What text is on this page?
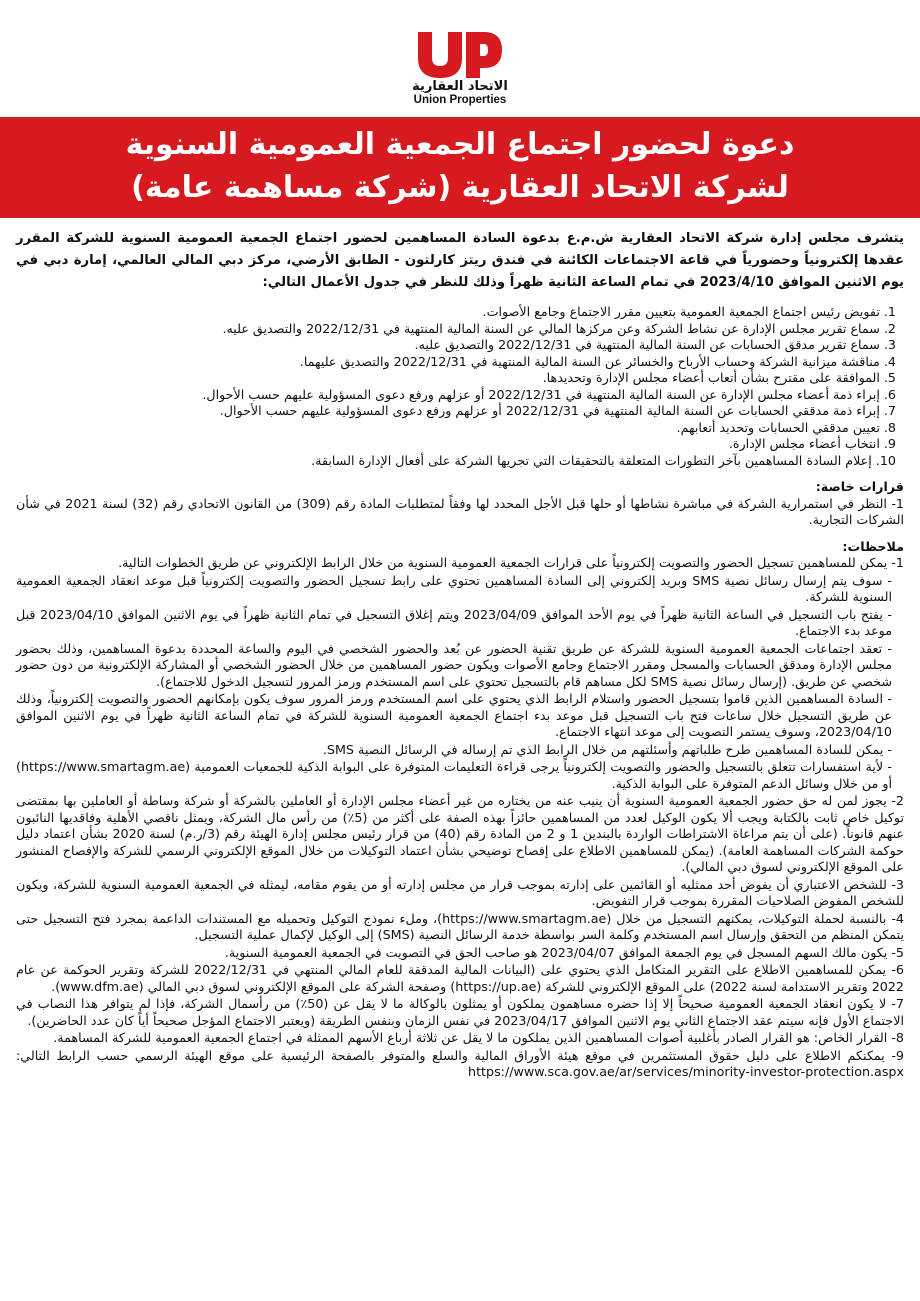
الاتحاد العقارية
Union Properties
دعوة لحضور اجتماع الجمعية العمومية السنوية
لشركة الاتحاد العقارية (شركة مساهمة عامة)

يتشرف مجلس إدارة شركة الاتحاد العقارية ش.م.ع بدعوة السادة المساهمين لحضور اجتماع الجمعية العمومية السنوية للشركة المقرر عقدها إلكترونياً وحضورياً في قاعة الاجتماعات الكائنة في فندق ريتز كارلتون - الطابق الأرضي، مركز دبي المالي العالمي، إمارة دبي في يوم الاثنين الموافق 2023/4/10 في تمام الساعة الثانية ظهراً وذلك للنظر في جدول الأعمال التالي:

1. تفويض رئيس اجتماع الجمعية العمومية بتعيين مقرر الاجتماع وجامع الأصوات.
2. سماع تقرير مجلس الإدارة عن نشاط الشركة وعن مركزها المالي عن السنة المالية المنتهية في 2022/12/31 والتصديق عليه.
3. سماع تقرير مدقق الحسابات عن السنة المالية المنتهية في 2022/12/31 والتصديق عليه.
4. مناقشة ميزانية الشركة وحساب الأرباح والخسائر عن السنة المالية المنتهية في 2022/12/31 والتصديق عليهما.
5. الموافقة على مقترح بشأن أتعاب أعضاء مجلس الإدارة وتحديدها.
6. إبراء ذمة أعضاء مجلس الإدارة عن السنة المالية المنتهية في 2022/12/31 أو عزلهم ورفع دعوى المسؤولية عليهم حسب الأحوال.
7. إبراء ذمة مدققي الحسابات عن السنة المالية المنتهية في 2022/12/31 أو عزلهم ورفع دعوى المسؤولية عليهم حسب الأحوال.
8. تعيين مدققي الحسابات وتحديد أتعابهم.
9. انتخاب أعضاء مجلس الإدارة.
10. إعلام السادة المساهمين بآخر التطورات المتعلقة بالتحقيقات التي تجريها الشركة على أفعال الإدارة السابقة.
قرارات خاصة:

1- النظر في استمرارية الشركة في مباشرة نشاطها أو حلها قبل الأجل المحدد لها وفقاً لمتطلبات المادة رقم (309) من القانون الاتحادي رقم (32) لسنة 2021 في شأن الشركات التجارية.

ملاحظات:

1- يمكن للمساهمين تسجيل الحضور والتصويت إلكترونياً على قرارات الجمعية العمومية السنوية من خلال الرابط الإلكتروني عن طريق الخطوات التالية.

- سوف يتم إرسال رسائل نصية SMS وبريد إلكتروني إلى السادة المساهمين تحتوي على رابط تسجيل الحضور والتصويت إلكترونياً قبل موعد انعقاد الجمعية العمومية السنوية للشركة.

- يفتح باب التسجيل في الساعة الثانية ظهراً في يوم الأحد الموافق 2023/04/09 ويتم إغلاق التسجيل في تمام الثانية ظهراً في يوم الاثنين الموافق 2023/04/10 قبل موعد بدء الاجتماع.

- تعقد اجتماعات الجمعية العمومية السنوية للشركة عن طريق تقنية الحضور عن بُعد والحضور الشخصي في اليوم والساعة المحددة بدعوة المساهمين، وذلك بحضور مجلس الإدارة ومدقق الحسابات والمسجل ومقرر الاجتماع وجامع الأصوات ويكون حضور المساهمين من خلال الحضور الشخصي أو المشاركة الإلكترونية من دون حضور شخصي عن طريق. (إرسال رسائل نصية SMS لكل مساهم قام بالتسجيل تحتوي على اسم المستخدم ورمز المرور لتسجيل الدخول للاجتماع).

- السادة المساهمين الذين قاموا بتسجيل الحضور واستلام الرابط الذي يحتوي على اسم المستخدم ورمز المرور سوف يكون بإمكانهم الحضور والتصويت إلكترونياً، وذلك عن طريق التسجيل خلال ساعات فتح باب التسجيل قبل موعد بدء اجتماع الجمعية العمومية السنوية للشركة في تمام الساعة الثانية ظهراً في يوم الاثنين الموافق 2023/04/10، وسوف يستمر التصويت إلى موعد انتهاء الاجتماع.

- يمكن للسادة المساهمين طرح طلباتهم وأسئلتهم من خلال الرابط الذي تم إرساله في الرسائل النصية SMS.

- لأية استفسارات تتعلق بالتسجيل والحضور والتصويت إلكترونياً يرجى قراءة التعليمات المتوفرة على البوابة الذكية للجمعيات العمومية (https://www.smartagm.ae) أو من خلال وسائل الدعم المتوفرة على البوابة الذكية.

2- يجوز لمن له حق حضور الجمعية العمومية السنوية أن ينيب عنه من يختاره من غير أعضاء مجلس الإدارة أو العاملين بالشركة أو شركة وساطة أو العاملين بها بمقتضى توكيل خاص ثابت بالكتابة ويجب ألا يكون الوكيل لعدد من المساهمين حائزاً بهذه الصفة على أكثر من (5٪) من رأس مال الشركة، ويمثل ناقصي الأهلية وفاقديها النائبون عنهم قانوناً. (على أن يتم مراعاة الاشتراطات الواردة بالبندين 1 و 2 من المادة رقم (40) من قرار رئيس مجلس إدارة الهيئة رقم (3/ر.م) لسنة 2020 بشأن اعتماد دليل حوكمة الشركات المساهمة العامة). (يمكن للمساهمين الاطلاع على إفصاح توضيحي بشأن اعتماد التوكيلات من خلال الموقع الإلكتروني الرسمي للشركة والإفصاح المنشور على الموقع الإلكتروني لسوق دبي المالي).

3- للشخص الاعتباري أن يفوض أحد ممثليه أو القائمين على إدارته بموجب قرار من مجلس إدارته أو من يقوم مقامه، ليمثله في الجمعية العمومية السنوية للشركة، ويكون للشخص المفوض الصلاحيات المقررة بموجب قرار التفويض.

4- بالنسبة لحملة التوكيلات، يمكنهم التسجيل من خلال (https://www.smartagm.ae)، وملء نموذج التوكيل وتحميله مع المستندات الداعمة بمجرد فتح التسجيل حتى يتمكن المنظم من التحقق وإرسال اسم المستخدم وكلمة السر بواسطة خدمة الرسائل النصية (SMS) إلى الوكيل لإكمال عملية التسجيل.

5- يكون مالك السهم المسجل في يوم الجمعة الموافق 2023/04/07 هو صاحب الحق في التصويت في الجمعية العمومية السنوية.

6- يمكن للمساهمين الاطلاع على التقرير المتكامل الذي يحتوي على (البيانات المالية المدققة للعام المالي المنتهي في 2022/12/31 للشركة وتقرير الحوكمة عن عام 2022 وتقرير الاستدامة لسنة 2022) على الموقع الإلكتروني للشركة (https://up.ae) وصفحة الشركة على الموقع الإلكتروني لسوق دبي المالي (www.dfm.ae).

7- لا يكون انعقاد الجمعية العمومية صحيحاً إلا إذا حضره مساهمون يملكون أو يمثلون بالوكالة ما لا يقل عن (50٪) من رأسمال الشركة، فإذا لم يتوافر هذا النصاب في الاجتماع الأول فإنه سيتم عقد الاجتماع الثاني يوم الاثنين الموافق 2023/04/17 في نفس الزمان وبنفس الطريقة (ويعتبر الاجتماع المؤجل صحيحاً أياً كان عدد الحاضرين).

8- القرار الخاص: هو القرار الصادر بأغلبية أصوات المساهمين الذين يملكون ما لا يقل عن ثلاثة أرباع الأسهم الممثلة في اجتماع الجمعية العمومية للشركة المساهمة.

9- يمكنكم الاطلاع على دليل حقوق المستثمرين في موقع هيئة الأوراق المالية والسلع والمتوفر بالصفحة الرئيسية على موقع الهيئة الرسمي حسب الرابط التالي: https://www.sca.gov.ae/ar/services/minority-investor-protection.aspx
